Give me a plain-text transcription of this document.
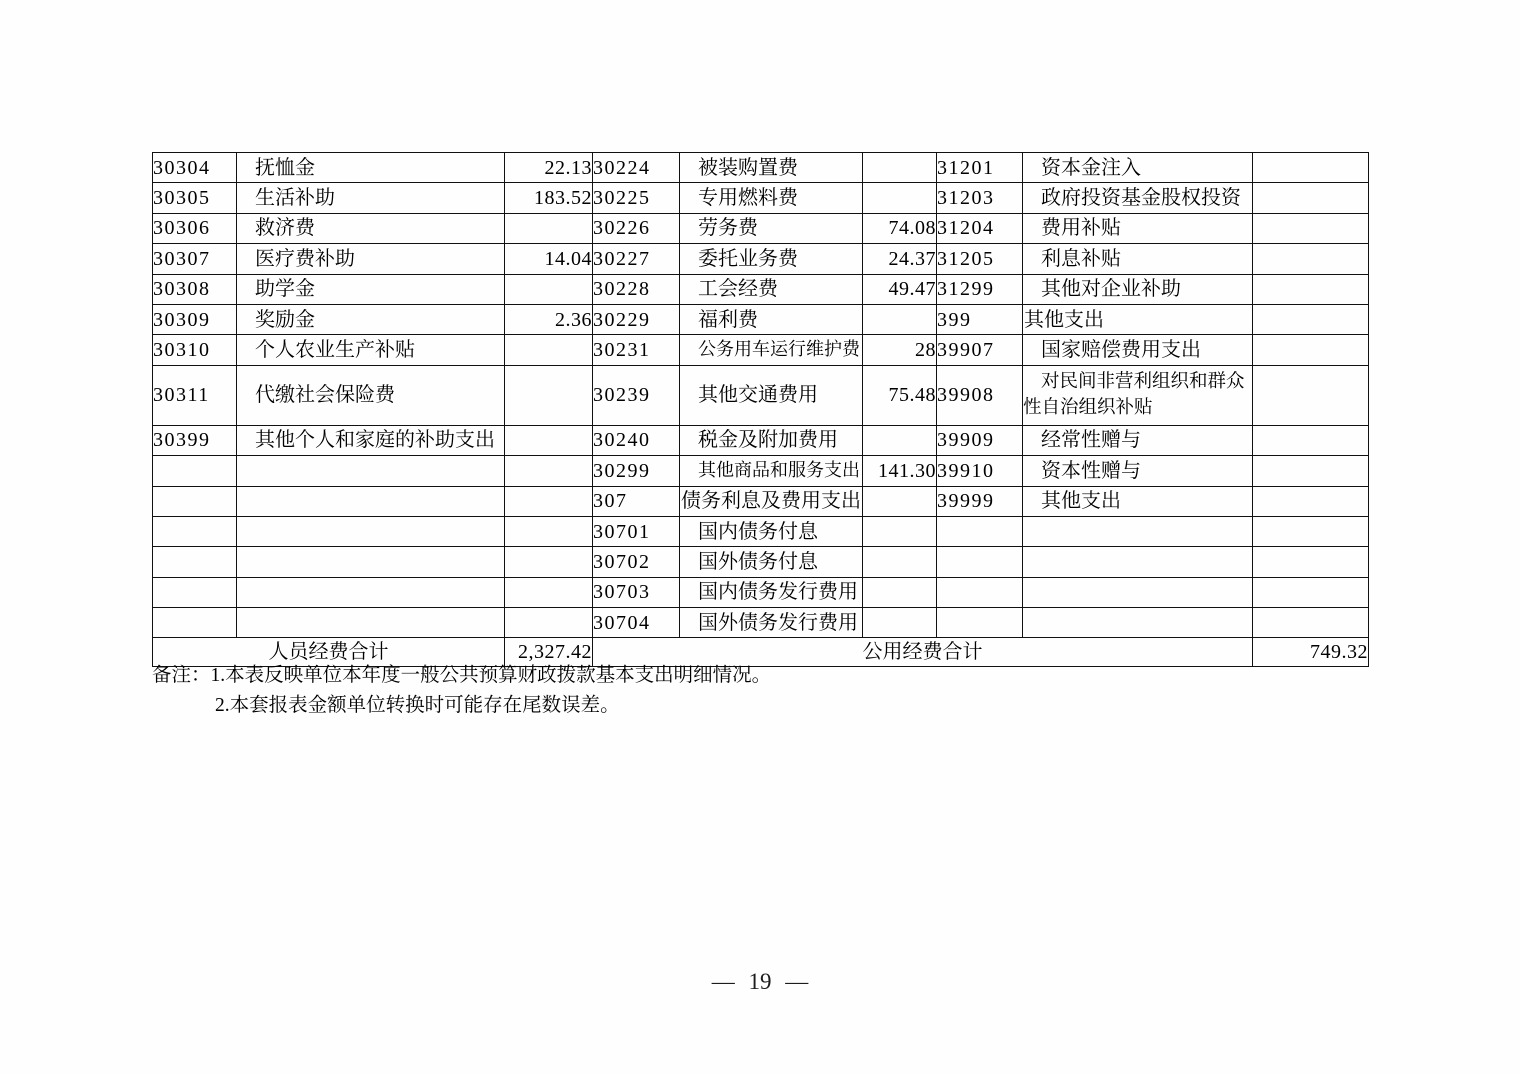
30304	抚恤金	22.13	30224	被装购置费		31201	资本金注入	
30305	生活补助	183.52	30225	专用燃料费		31203	政府投资基金股权投资	
30306	救济费		30226	劳务费	74.08	31204	费用补贴	
30307	医疗费补助	14.04	30227	委托业务费	24.37	31205	利息补贴	
30308	助学金		30228	工会经费	49.47	31299	其他对企业补助	
30309	奖励金	2.36	30229	福利费		399	其他支出	
30310	个人农业生产补贴		30231	公务用车运行维护费	28	39907	国家赔偿费用支出	
30311	代缴社会保险费		30239	其他交通费用	75.48	39908	对民间非营利组织和群众性自治组织补贴	
30399	其他个人和家庭的补助支出		30240	税金及附加费用		39909	经常性赠与	
			30299	其他商品和服务支出	141.30	39910	资本性赠与	
			307	债务利息及费用支出		39999	其他支出	
			30701	国内债务付息				
			30702	国外债务付息				
			30703	国内债务发行费用				
			30704	国外债务发行费用				
人员经费合计		2,327.42	公用经费合计					749.32
备注：1.本表反映单位本年度一般公共预算财政拨款基本支出明细情况。
2.本套报表金额单位转换时可能存在尾数误差。
— 19 —
